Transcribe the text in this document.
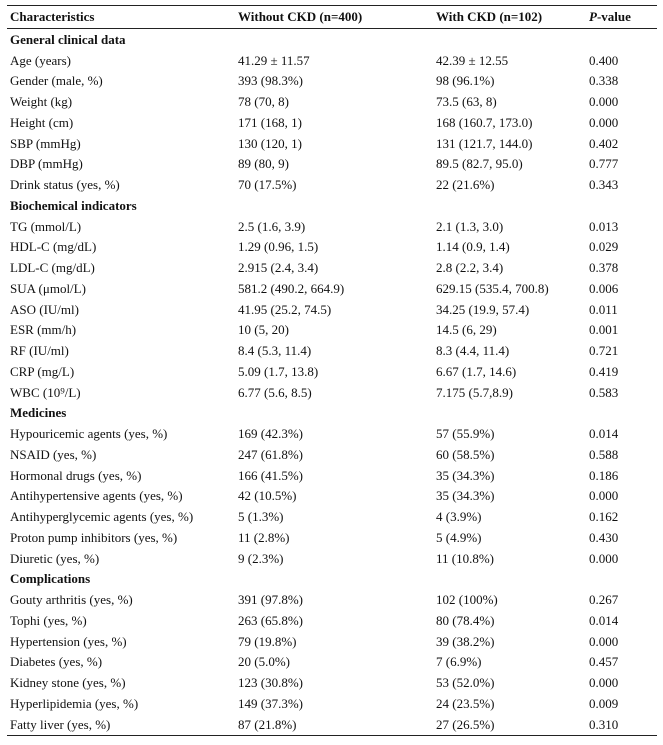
Characteristics	Without CKD (n=400)	With CKD (n=102)	P-value
General clinical data			
Age (years)	41.29 ± 11.57	42.39 ± 12.55	0.400
Gender (male, %)	393 (98.3%)	98 (96.1%)	0.338
Weight (kg)	78 (70, 8)	73.5 (63, 8)	0.000
Height (cm)	171 (168, 1)	168 (160.7, 173.0)	0.000
SBP (mmHg)	130 (120, 1)	131 (121.7, 144.0)	0.402
DBP (mmHg)	89 (80, 9)	89.5 (82.7, 95.0)	0.777
Drink status (yes, %)	70 (17.5%)	22 (21.6%)	0.343
Biochemical indicators			
TG (mmol/L)	2.5 (1.6, 3.9)	2.1 (1.3, 3.0)	0.013
HDL-C (mg/dL)	1.29 (0.96, 1.5)	1.14 (0.9, 1.4)	0.029
LDL-C (mg/dL)	2.915 (2.4, 3.4)	2.8 (2.2, 3.4)	0.378
SUA (μmol/L)	581.2 (490.2, 664.9)	629.15 (535.4, 700.8)	0.006
ASO (IU/ml)	41.95 (25.2, 74.5)	34.25 (19.9, 57.4)	0.011
ESR (mm/h)	10 (5, 20)	14.5 (6, 29)	0.001
RF (IU/ml)	8.4 (5.3, 11.4)	8.3 (4.4, 11.4)	0.721
CRP (mg/L)	5.09 (1.7, 13.8)	6.67 (1.7, 14.6)	0.419
WBC (10⁹/L)	6.77 (5.6, 8.5)	7.175 (5.7,8.9)	0.583
Medicines			
Hypouricemic agents (yes, %)	169 (42.3%)	57 (55.9%)	0.014
NSAID (yes, %)	247 (61.8%)	60 (58.5%)	0.588
Hormonal drugs (yes, %)	166 (41.5%)	35 (34.3%)	0.186
Antihypertensive agents (yes, %)	42 (10.5%)	35 (34.3%)	0.000
Antihyperglycemic agents (yes, %)	5 (1.3%)	4 (3.9%)	0.162
Proton pump inhibitors (yes, %)	11 (2.8%)	5 (4.9%)	0.430
Diuretic (yes, %)	9 (2.3%)	11 (10.8%)	0.000
Complications			
Gouty arthritis (yes, %)	391 (97.8%)	102 (100%)	0.267
Tophi (yes, %)	263 (65.8%)	80 (78.4%)	0.014
Hypertension (yes, %)	79 (19.8%)	39 (38.2%)	0.000
Diabetes (yes, %)	20 (5.0%)	7 (6.9%)	0.457
Kidney stone (yes, %)	123 (30.8%)	53 (52.0%)	0.000
Hyperlipidemia (yes, %)	149 (37.3%)	24 (23.5%)	0.009
Fatty liver (yes, %)	87 (21.8%)	27 (26.5%)	0.310
